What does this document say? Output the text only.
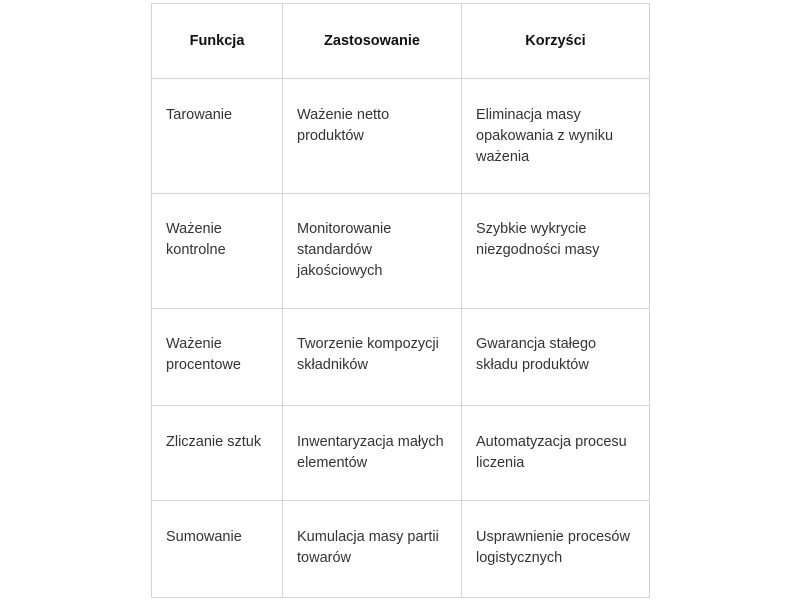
Funkcja	Zastosowanie	Korzyści
Tarowanie	Ważenie netto produktów	Eliminacja masy opakowania z wyniku ważenia
Ważenie kontrolne	Monitorowanie standardów jakościowych	Szybkie wykrycie niezgodności masy
Ważenie procentowe	Tworzenie kompozycji składników	Gwarancja stałego składu produktów
Zliczanie sztuk	Inwentaryzacja małych elementów	Automatyzacja procesu liczenia
Sumowanie	Kumulacja masy partii towarów	Usprawnienie procesów logistycznych
